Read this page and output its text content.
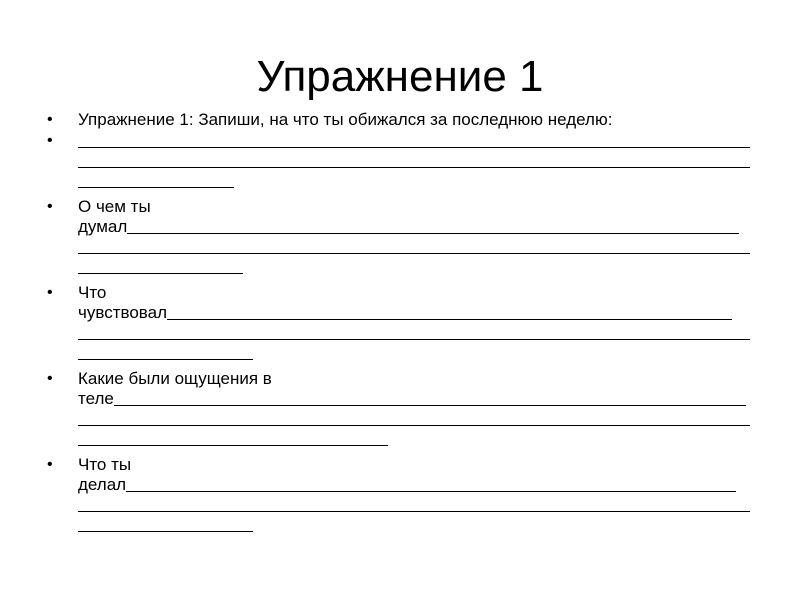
Упражнение 1
•	Упражнение 1: Запиши, на что ты обижался за последнюю неделю:
•
•	О чем ты
думал
•	Что
чувствовал
•	Какие были ощущения в
теле
•	Что ты
делал
